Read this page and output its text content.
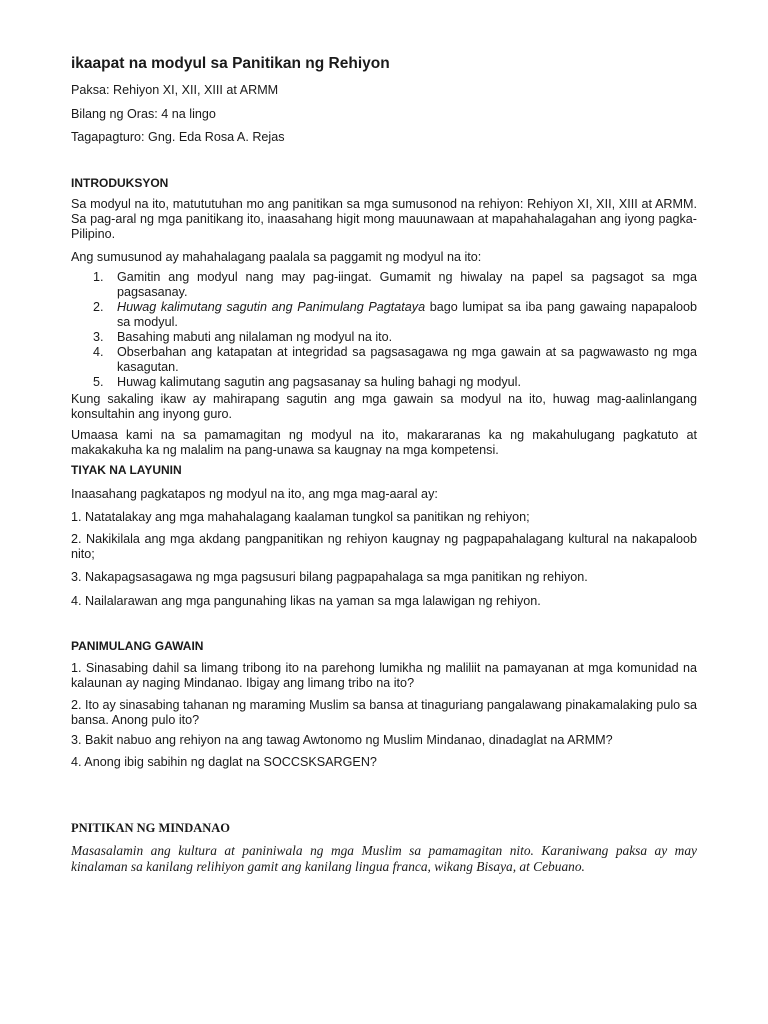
ikaapat na modyul sa Panitikan ng Rehiyon
Paksa: Rehiyon XI, XII, XIII at ARMM
Bilang ng Oras: 4 na lingo
Tagapagturo: Gng. Eda Rosa A. Rejas
INTRODUKSYON
Sa modyul na ito, matututuhan mo ang panitikan sa mga sumusonod na rehiyon: Rehiyon XI, XII, XIII at ARMM. Sa pag-aral ng mga panitikang ito, inaasahang higit mong mauunawaan at mapahahalagahan ang iyong pagka-Pilipino.
Ang sumusunod ay mahahalagang paalala sa paggamit ng modyul na ito:
1. Gamitin ang modyul nang may pag-iingat. Gumamit ng hiwalay na papel sa pagsagot sa mga pagsasanay.
2. Huwag kalimutang sagutin ang Panimulang Pagtataya bago lumipat sa iba pang gawaing napapaloob sa modyul.
3. Basahing mabuti ang nilalaman ng modyul na ito.
4. Obserbahan ang katapatan at integridad sa pagsasagawa ng mga gawain at sa pagwawasto ng mga kasagutan.
5. Huwag kalimutang sagutin ang pagsasanay sa huling bahagi ng modyul.
Kung sakaling ikaw ay mahirapang sagutin ang mga gawain sa modyul na ito, huwag mag-aalinlangang konsultahin ang inyong guro.
Umaasa kami na sa pamamagitan ng modyul na ito, makararanas ka ng makahulugang pagkatuto at makakakuha ka ng malalim na pang-unawa sa kaugnay na mga kompetensi.
TIYAK NA LAYUNIN
Inaasahang pagkatapos ng modyul na ito, ang mga mag-aaral ay:
1. Natatalakay ang mga mahahalagang kaalaman tungkol sa panitikan ng rehiyon;
2. Nakikilala ang mga akdang pangpanitikan ng rehiyon kaugnay ng pagpapahalagang kultural na nakapaloob nito;
3. Nakapagsasagawa ng mga pagsusuri bilang pagpapahalaga sa mga panitikan ng rehiyon.
4. Nailalarawan ang mga pangunahing likas na yaman sa mga lalawigan ng rehiyon.
PANIMULANG GAWAIN
1. Sinasabing dahil sa limang tribong ito na parehong lumikha ng maliliit na pamayanan at mga komunidad na kalaunan ay naging Mindanao. Ibigay ang limang tribo na ito?
2. Ito ay sinasabing tahanan ng maraming Muslim sa bansa at tinaguriang pangalawang pinakamalaking pulo sa bansa. Anong pulo ito?
3. Bakit nabuo ang rehiyon na ang tawag Awtonomo ng Muslim Mindanao, dinadaglat na ARMM?
4. Anong ibig sabihin ng daglat na SOCCSKSARGEN?
PNITIKAN NG MINDANAO
Masasalamin ang kultura at paniniwala ng mga Muslim sa pamamagitan nito. Karaniwang paksa ay may kinalaman sa kanilang relihiyon gamit ang kanilang lingua franca, wikang Bisaya, at Cebuano.
